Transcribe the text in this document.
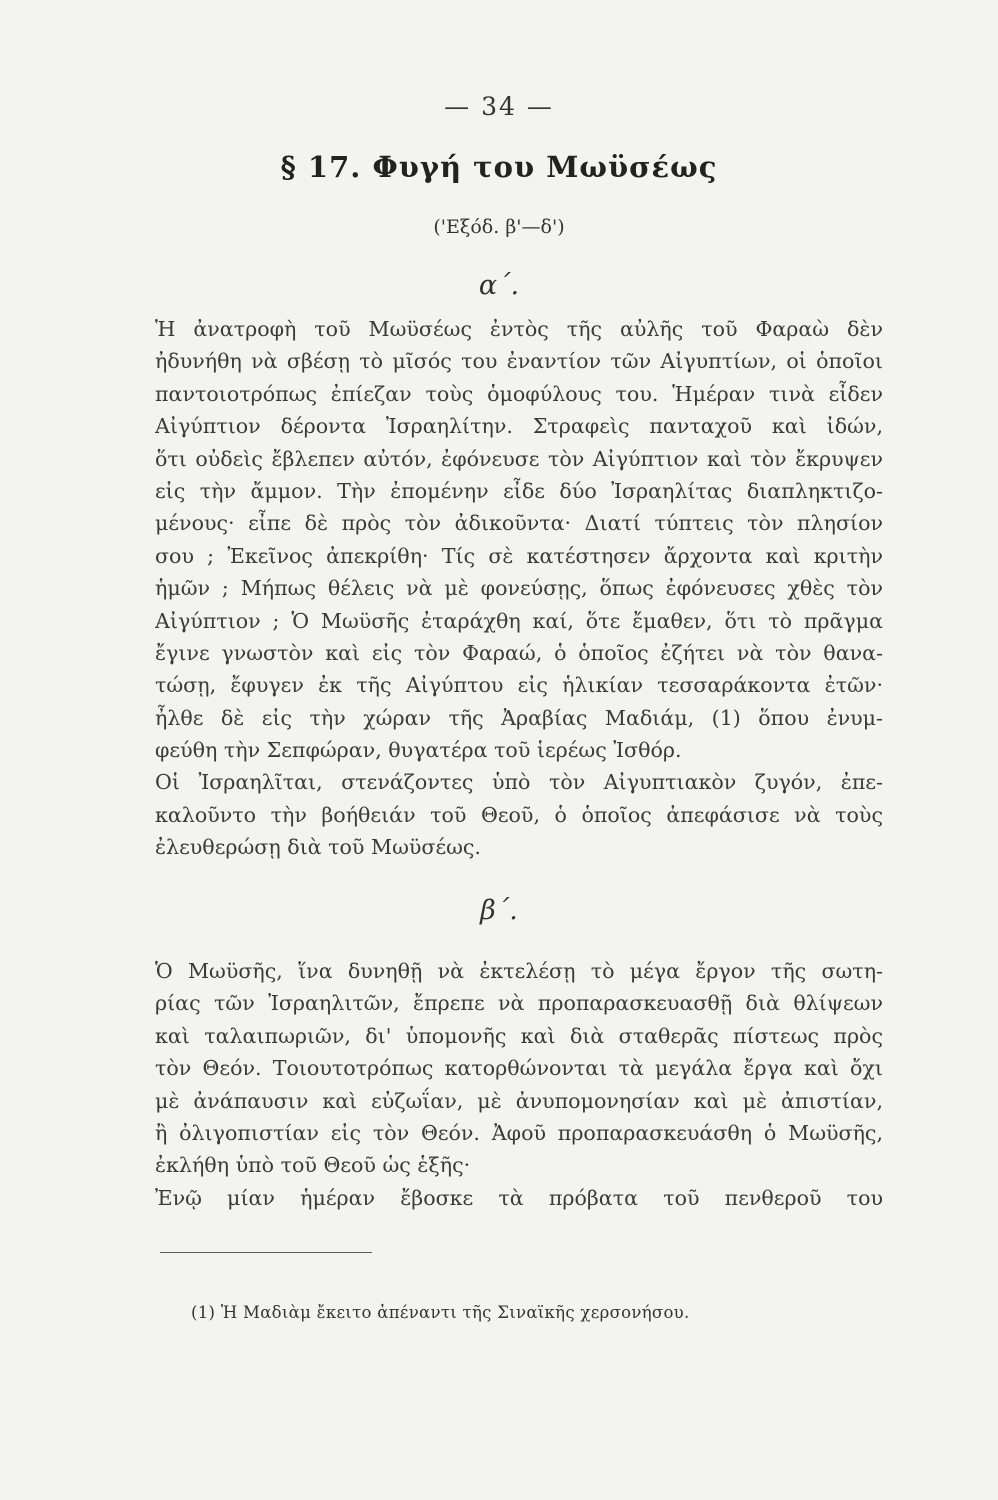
— 34 —
§ 17. Φυγή του Μωϋσέως
('Εξόδ. β'—δ')
α΄.
Ἡ ἀνατροφὴ τοῦ Μωϋσέως ἐντὸς τῆς αὐλῆς τοῦ Φαραὼ δὲν
ἠδυνήθη νὰ σβέσῃ τὸ μῖσός του ἐναντίον τῶν Αἰγυπτίων, οἱ ὁποῖοι
παντοιοτρόπως ἐπίεζαν τοὺς ὁμοφύλους του. Ἡμέραν τινὰ εἶδεν
Αἰγύπτιον δέροντα Ἰσραηλίτην. Στραφεὶς πανταχοῦ καὶ ἰδών,
ὅτι οὐδεὶς ἔβλεπεν αὐτόν, ἐφόνευσε τὸν Αἰγύπτιον καὶ τὸν ἔκρυψεν
εἰς τὴν ἄμμον. Τὴν ἐπομένην εἶδε δύο Ἰσραηλίτας διαπληκτιζο-
μένους· εἶπε δὲ πρὸς τὸν ἀδικοῦντα· Διατί τύπτεις τὸν πλησίον
σου ; Ἐκεῖνος ἀπεκρίθη· Τίς σὲ κατέστησεν ἄρχοντα καὶ κριτὴν
ἡμῶν ; Μήπως θέλεις νὰ μὲ φονεύσῃς, ὅπως ἐφόνευσες χθὲς τὸν
Αἰγύπτιον ; Ὁ Μωϋσῆς ἐταράχθη καί, ὅτε ἔμαθεν, ὅτι τὸ πρᾶγμα
ἔγινε γνωστὸν καὶ εἰς τὸν Φαραώ, ὁ ὁποῖος ἐζήτει νὰ τὸν θανα-
τώσῃ, ἔφυγεν ἐκ τῆς Αἰγύπτου εἰς ἡλικίαν τεσσαράκοντα ἐτῶν·
ἦλθε δὲ εἰς τὴν χώραν τῆς Ἀραβίας Μαδιάμ, (1) ὅπου ἐνυμ-
φεύθη τὴν Σεπφώραν, θυγατέρα τοῦ ἱερέως Ἰσθόρ.
Οἱ Ἰσραηλῖται, στενάζοντες ὑπὸ τὸν Αἰγυπτιακὸν ζυγόν, ἐπε-
καλοῦντο τὴν βοήθειάν τοῦ Θεοῦ, ὁ ὁποῖος ἀπεφάσισε νὰ τοὺς
ἐλευθερώσῃ διὰ τοῦ Μωϋσέως.
β΄.
Ὁ Μωϋσῆς, ἵνα δυνηθῇ νὰ ἐκτελέσῃ τὸ μέγα ἔργον τῆς σωτη-
ρίας τῶν Ἰσραηλιτῶν, ἔπρεπε νὰ προπαρασκευασθῇ διὰ θλίψεων
καὶ ταλαιπωριῶν, δι' ὑπομονῆς καὶ διὰ σταθερᾶς πίστεως πρὸς
τὸν Θεόν. Τοιουτοτρόπως κατορθώνονται τὰ μεγάλα ἔργα καὶ ὄχι
μὲ ἀνάπαυσιν καὶ εὐζωΐαν, μὲ ἀνυπομονησίαν καὶ μὲ ἀπιστίαν,
ἢ ὀλιγοπιστίαν εἰς τὸν Θεόν. Ἀφοῦ προπαρασκευάσθη ὁ Μωϋσῆς,
ἐκλήθη ὑπὸ τοῦ Θεοῦ ὡς ἑξῆς·
Ἐνῷ μίαν ἡμέραν ἔβοσκε τὰ πρόβατα τοῦ πενθεροῦ του
(1) Ἡ Μαδιὰμ ἔκειτο ἀπέναντι τῆς Σιναϊκῆς χερσονήσου.
